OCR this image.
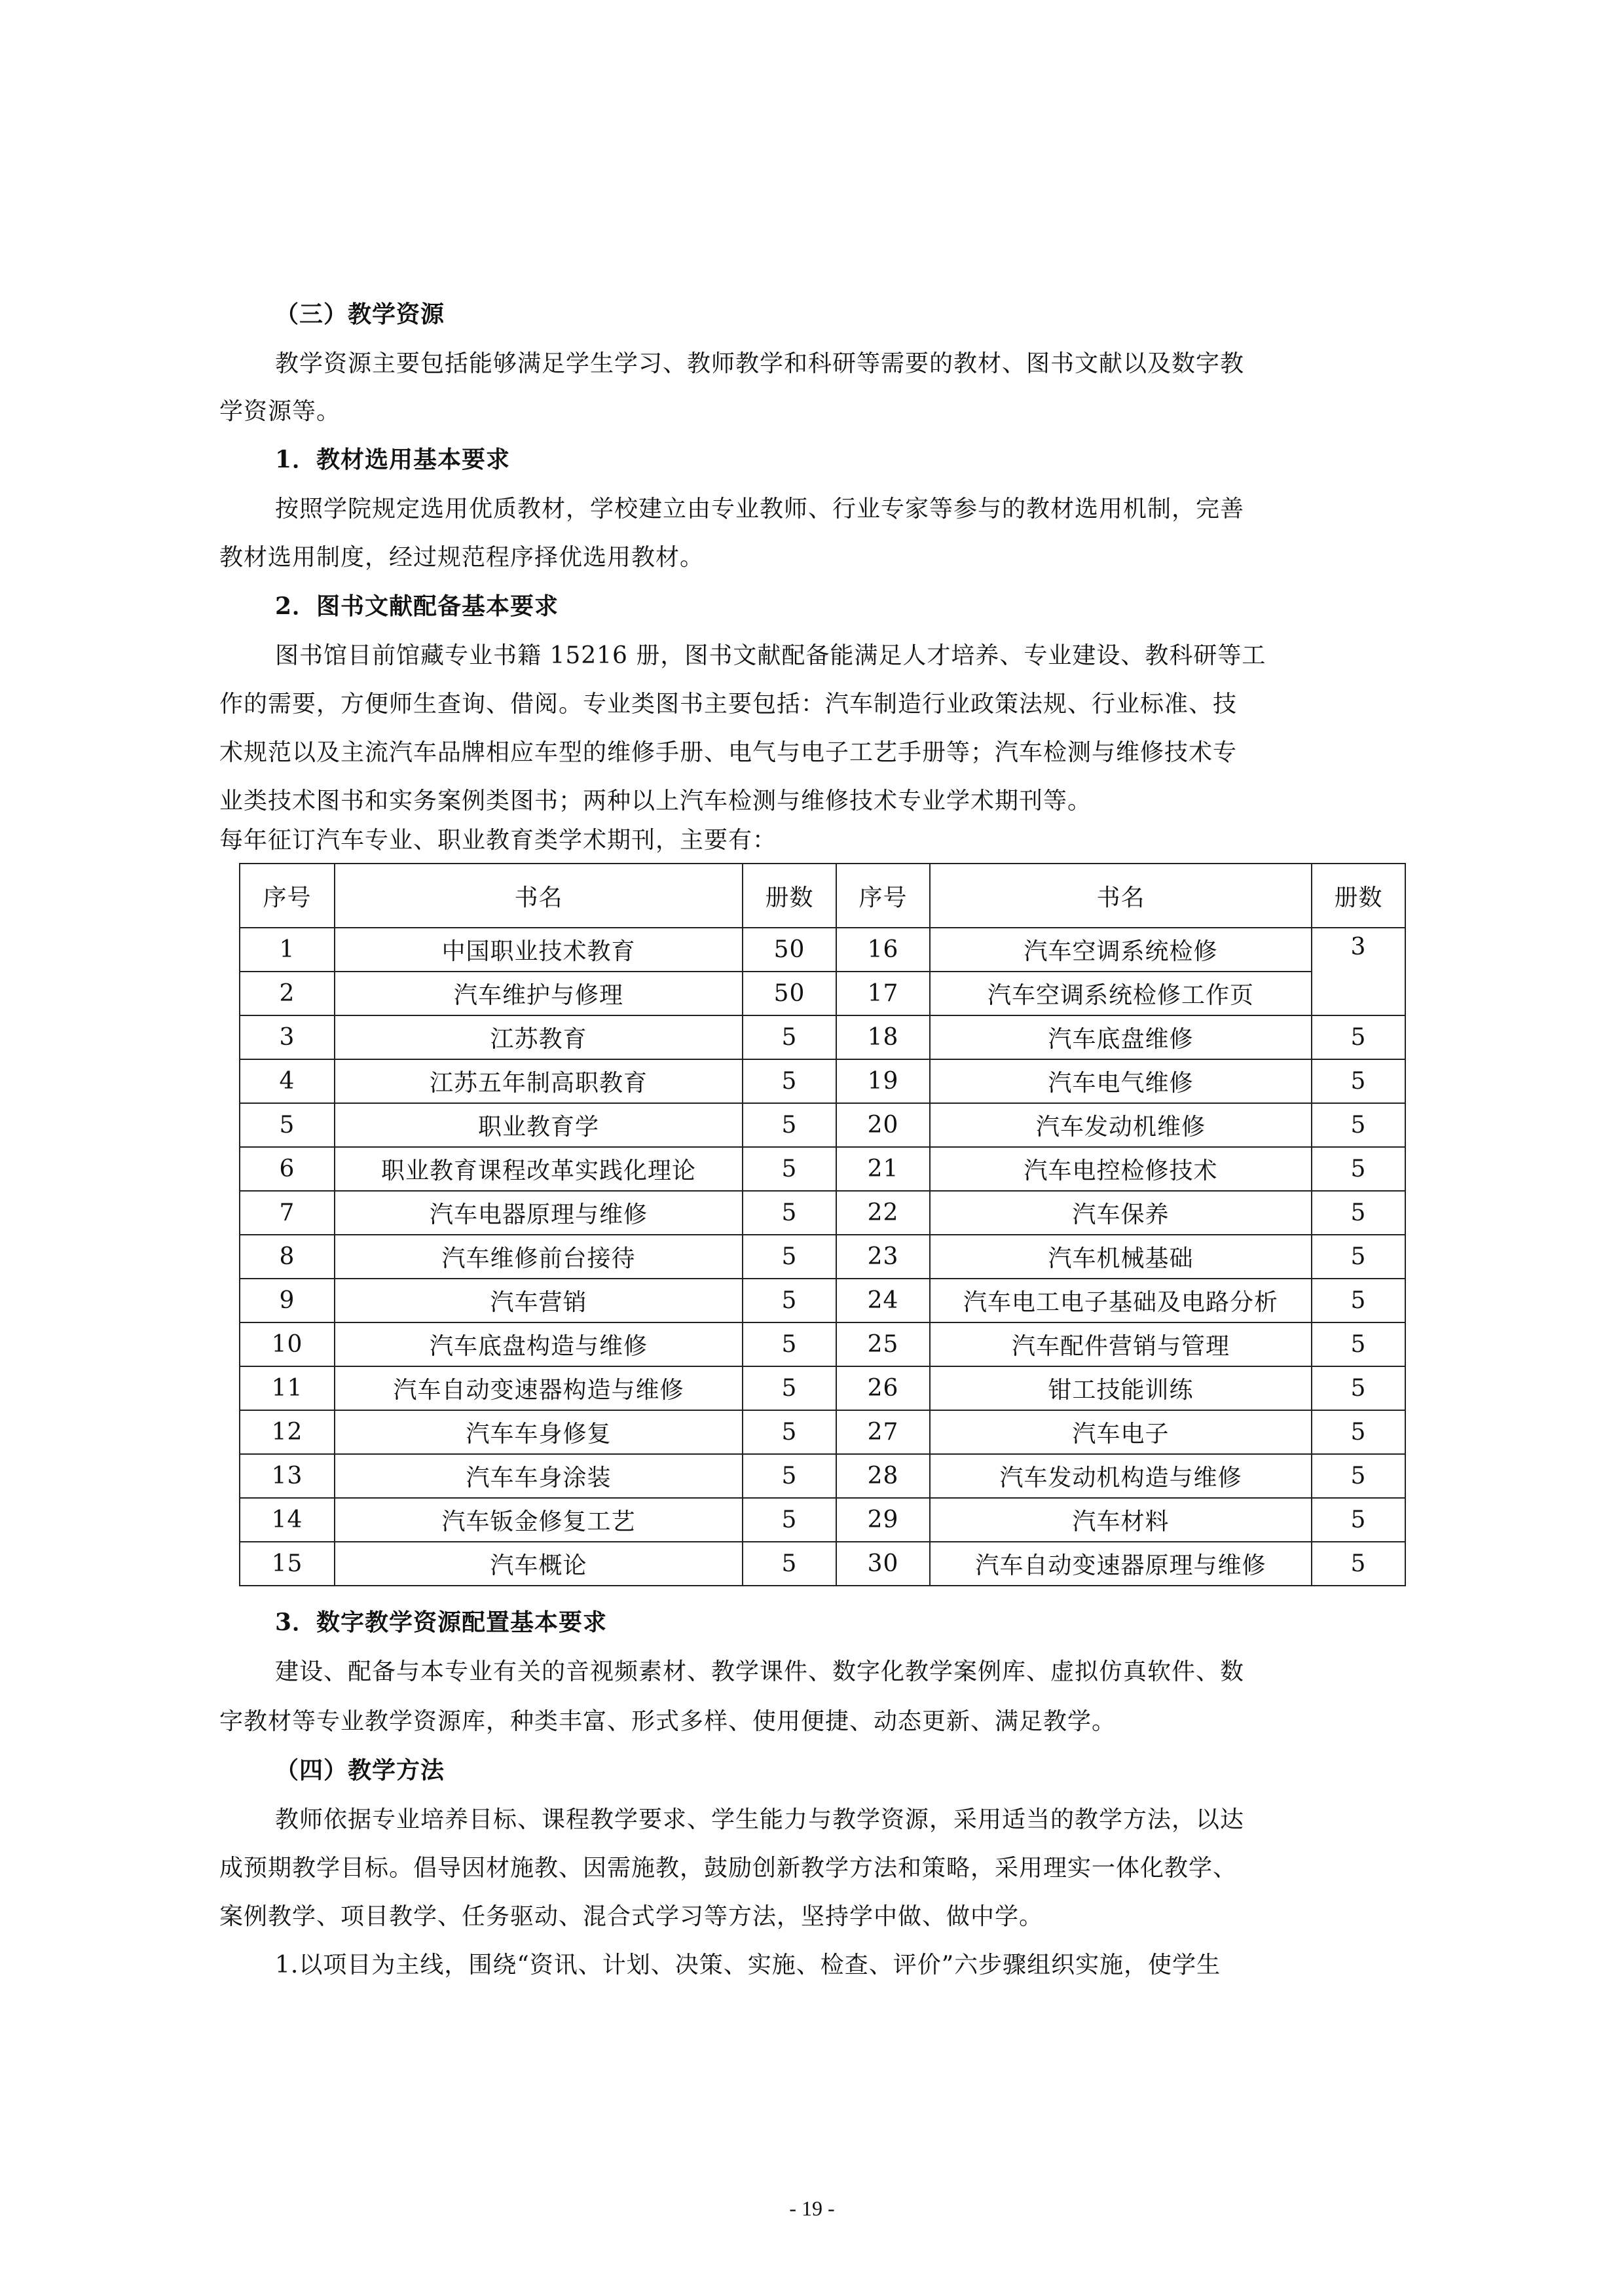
（三）教学资源
教学资源主要包括能够满足学生学习、教师教学和科研等需要的教材、图书文献以及数字教
学资源等。
1．教材选用基本要求
按照学院规定选用优质教材，学校建立由专业教师、行业专家等参与的教材选用机制，完善
教材选用制度，经过规范程序择优选用教材。
2．图书文献配备基本要求
图书馆目前馆藏专业书籍 15216 册，图书文献配备能满足人才培养、专业建设、教科研等工
作的需要，方便师生查询、借阅。专业类图书主要包括：汽车制造行业政策法规、行业标准、技
术规范以及主流汽车品牌相应车型的维修手册、电气与电子工艺手册等；汽车检测与维修技术专
业类技术图书和实务案例类图书；两种以上汽车检测与维修技术专业学术期刊等。
每年征订汽车专业、职业教育类学术期刊，主要有：
序号	书名	册数	序号	书名	册数
1	中国职业技术教育	50	16	汽车空调系统检修	3
2	汽车维护与修理	50	17	汽车空调系统检修工作页	
3	江苏教育	5	18	汽车底盘维修	5
4	江苏五年制高职教育	5	19	汽车电气维修	5
5	职业教育学	5	20	汽车发动机维修	5
6	职业教育课程改革实践化理论	5	21	汽车电控检修技术	5
7	汽车电器原理与维修	5	22	汽车保养	5
8	汽车维修前台接待	5	23	汽车机械基础	5
9	汽车营销	5	24	汽车电工电子基础及电路分析	5
10	汽车底盘构造与维修	5	25	汽车配件营销与管理	5
11	汽车自动变速器构造与维修	5	26	钳工技能训练	5
12	汽车车身修复	5	27	汽车电子	5
13	汽车车身涂装	5	28	汽车发动机构造与维修	5
14	汽车钣金修复工艺	5	29	汽车材料	5
15	汽车概论	5	30	汽车自动变速器原理与维修	5
3．数字教学资源配置基本要求
建设、配备与本专业有关的音视频素材、教学课件、数字化教学案例库、虚拟仿真软件、数
字教材等专业教学资源库，种类丰富、形式多样、使用便捷、动态更新、满足教学。
（四）教学方法
教师依据专业培养目标、课程教学要求、学生能力与教学资源，采用适当的教学方法，以达
成预期教学目标。倡导因材施教、因需施教，鼓励创新教学方法和策略，采用理实一体化教学、
案例教学、项目教学、任务驱动、混合式学习等方法，坚持学中做、做中学。
1.以项目为主线，围绕“资讯、计划、决策、实施、检查、评价”六步骤组织实施，使学生
- 19 -
